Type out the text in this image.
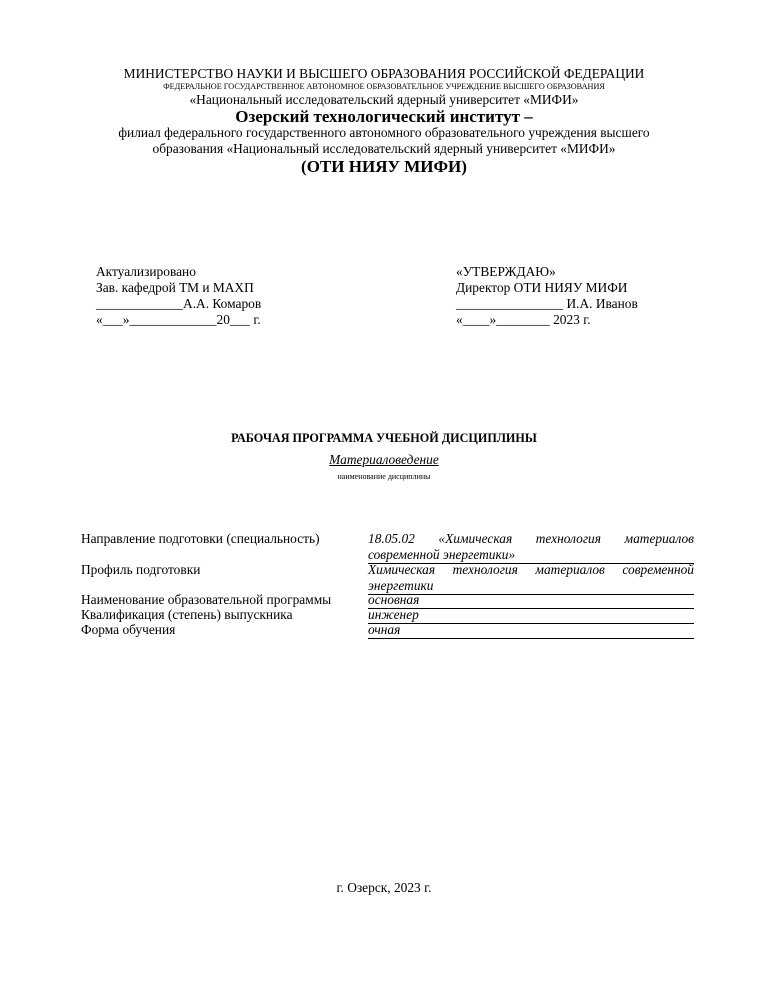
МИНИСТЕРСТВО НАУКИ И ВЫСШЕГО ОБРАЗОВАНИЯ РОССИЙСКОЙ ФЕДЕРАЦИИ
ФЕДЕРАЛЬНОЕ ГОСУДАРСТВЕННОЕ АВТОНОМНОЕ ОБРАЗОВАТЕЛЬНОЕ УЧРЕЖДЕНИЕ ВЫСШЕГО ОБРАЗОВАНИЯ
«Национальный исследовательский ядерный университет «МИФИ»
Озерский технологический институт –
филиал федерального государственного автономного образовательного учреждения высшего
образования «Национальный исследовательский ядерный университет «МИФИ»
(ОТИ НИЯУ МИФИ)
Актуализировано
Зав. кафедрой ТМ и МАХП
_____________А.А. Комаров
«___»_____________20___ г.
«УТВЕРЖДАЮ»
Директор ОТИ НИЯУ МИФИ
________________ И.А. Иванов
«____»________ 2023 г.
РАБОЧАЯ ПРОГРАММА УЧЕБНОЙ ДИСЦИПЛИНЫ
Материаловедение
наименование дисциплины
Направление подготовки (специальность)	18.05.02 «Химическая технология материалов
современной энергетики»
Профиль подготовки	Химическая технология материалов современной
энергетики
Наименование образовательной программы	основная
Квалификация (степень) выпускника	инженер
Форма обучения	очная
г. Озерск, 2023 г.
